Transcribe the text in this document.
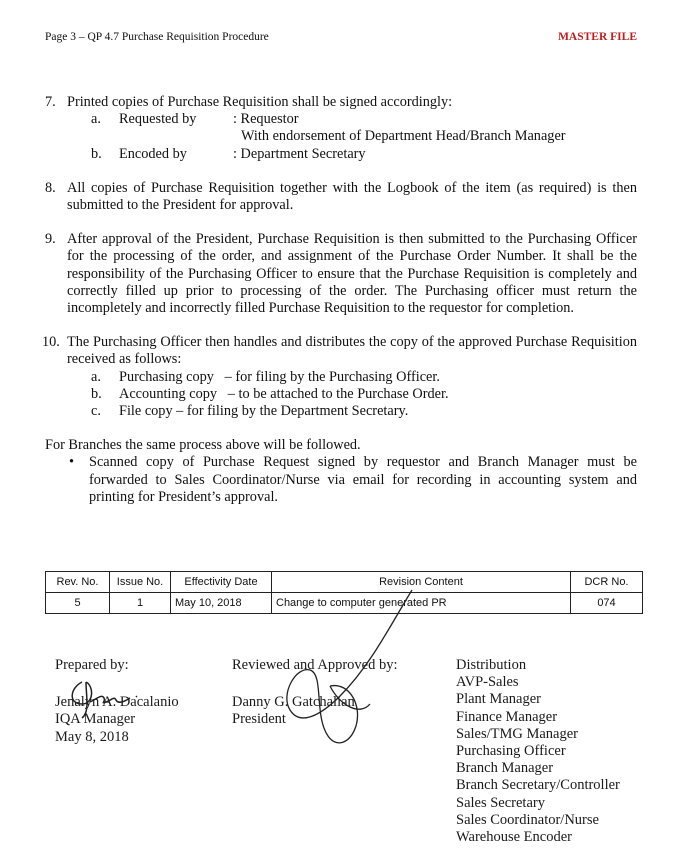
Page 3 – QP 4.7 Purchase Requisition Procedure	MASTER FILE
7. Printed copies of Purchase Requisition shall be signed accordingly:
a. Requested by	: Requestor
With endorsement of Department Head/Branch Manager
b. Encoded by	: Department Secretary
8. All copies of Purchase Requisition together with the Logbook of the item (as required) is then submitted to the President for approval.
9. After approval of the President, Purchase Requisition is then submitted to the Purchasing Officer for the processing of the order, and assignment of the Purchase Order Number. It shall be the responsibility of the Purchasing Officer to ensure that the Purchase Requisition is completely and correctly filled up prior to processing of the order. The Purchasing officer must return the incompletely and incorrectly filled Purchase Requisition to the requestor for completion.
10. The Purchasing Officer then handles and distributes the copy of the approved Purchase Requisition received as follows:
a. Purchasing copy   – for filing by the Purchasing Officer.
b. Accounting copy   – to be attached to the Purchase Order.
c. File copy – for filing by the Department Secretary.
For Branches the same process above will be followed.
• Scanned copy of Purchase Request signed by requestor and Branch Manager must be forwarded to Sales Coordinator/Nurse via email for recording in accounting system and printing for President’s approval.
Rev. No.	Issue No.	Effectivity Date	Revision Content	DCR No.
5	1	May 10, 2018	Change to computer generated PR	074
Prepared by:
Jenalyn A. Dacalanio
IQA Manager
May 8, 2018
Reviewed and Approved by:
Danny G. Gatchalian
President
Distribution
AVP-Sales
Plant Manager
Finance Manager
Sales/TMG Manager
Purchasing Officer
Branch Manager
Branch Secretary/Controller
Sales Secretary
Sales Coordinator/Nurse
Warehouse Encoder
